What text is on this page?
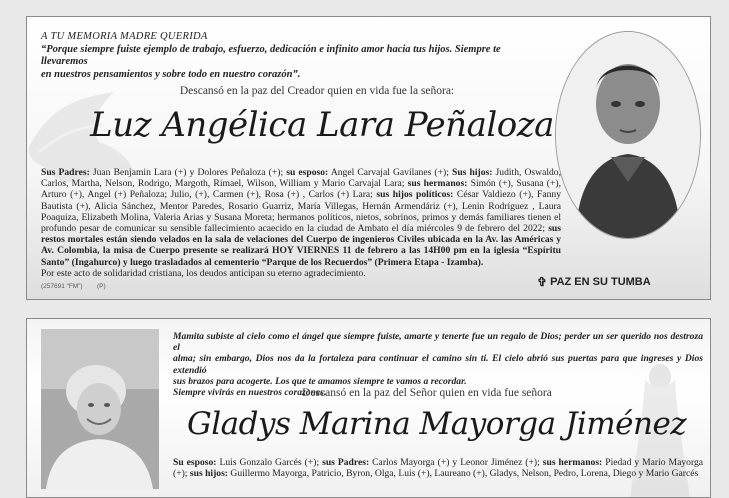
A TU MEMORIA MADRE QUERIDA
“Porque siempre fuiste ejemplo de trabajo, esfuerzo, dedicación e infinito amor hacia tus hijos. Siempre te llevaremos
en nuestros pensamientos y sobre todo en nuestro corazón”.
Descansó en la paz del Creador quien en vida fue la señora:
Luz Angélica Lara Peñaloza
Sus Padres: Juan Benjamin Lara (+) y Dolores Peñaloza (+); su esposo: Angel Carvajal Gavilanes (+); Sus hijos: Judith, Oswaldo, Carlos, Martha, Nelson, Rodrigo, Margoth, Rimael, Wilson, William y Mario Carvajal Lara; sus hermanos: Simón (+), Susana (+), Arturo (+), Angel (+) Peñaloza; Julio, (+), Carmen (+), Rosa (+) , Carlos (+) Lara; sus hijos políticos: César Valdiezo (+), Fanny Bautista (+), Alicia Sánchez, Mentor Paredes, Rosario Guarriz, María Villegas, Hernán Armendáriz (+), Lenin Rodríguez , Laura Poaquiza, Elizabeth Molina, Valeria Arias y Susana Moreta; hermanos políticos, nietos, sobrinos, primos y demás familiares tienen el profundo pesar de comunicar su sensible fallecimiento acaecido en la ciudad de Ambato el día miércoles 9 de febrero del 2022; sus restos mortales están siendo velados en la sala de velaciones del Cuerpo de ingenieros Civiles ubicada en la Av. las Américas y Av. Colombia, la misa de Cuerpo presente se realizará HOY VIERNES 11 de febrero a las 14H00 pm en la iglesia “Espíritu Santo” (Ingahurco) y luego trasladados al cementerio “Parque de los Recuerdos” (Primera Etapa - Izamba).
Por este acto de solidaridad cristiana, los deudos anticipan su eterno agradecimiento.
(257691 “FM”) (P)	✞ PAZ EN SU TUMBA
Mamita subiste al cielo como el ángel que siempre fuiste, amarte y tenerte fue un regalo de Dios; perder un ser querido nos destroza el
alma; sin embargo, Dios nos da la fortaleza para continuar el camino sin ti. El cielo abrió sus puertas para que ingreses y Dios extendió
sus brazos para acogerte. Los que te amamos siempre te vamos a recordar.
Siempre vivirás en nuestros corazones.
Descansó en la paz del Señor quien en vida fue señora
Gladys Marina Mayorga Jiménez
Su esposo: Luis Gonzalo Garcés (+); sus Padres: Carlos Mayorga (+) y Leonor Jiménez (+); sus hermanos: Piedad y Mario Mayorga (+); sus hijos: Guillermo Mayorga, Patricio, Byron, Olga, Luis (+), Laureano (+), Gladys, Nelson, Pedro, Lorena, Diego y Mario Garcés
